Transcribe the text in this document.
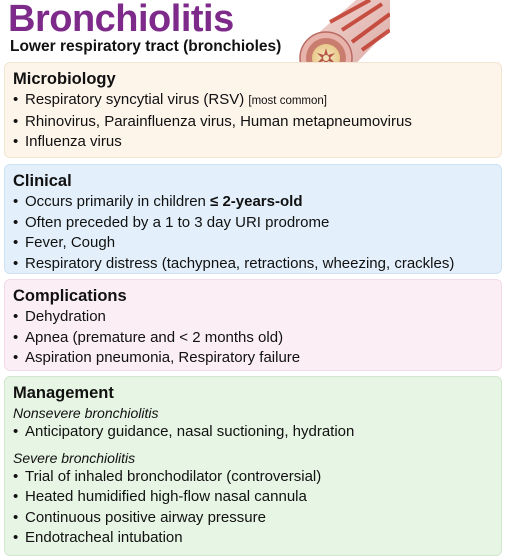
Bronchiolitis
Lower respiratory tract (bronchioles)
Microbiology
• Respiratory syncytial virus (RSV) [most common]
• Rhinovirus, Parainfluenza virus, Human metapneumovirus
• Influenza virus
Clinical
• Occurs primarily in children ≤ 2-years-old
• Often preceded by a 1 to 3 day URI prodrome
• Fever, Cough
• Respiratory distress (tachypnea, retractions, wheezing, crackles)
Complications
• Dehydration
• Apnea (premature and < 2 months old)
• Aspiration pneumonia, Respiratory failure
Management
Nonsevere bronchiolitis
• Anticipatory guidance, nasal suctioning, hydration
Severe bronchiolitis
• Trial of inhaled bronchodilator (controversial)
• Heated humidified high-flow nasal cannula
• Continuous positive airway pressure
• Endotracheal intubation
